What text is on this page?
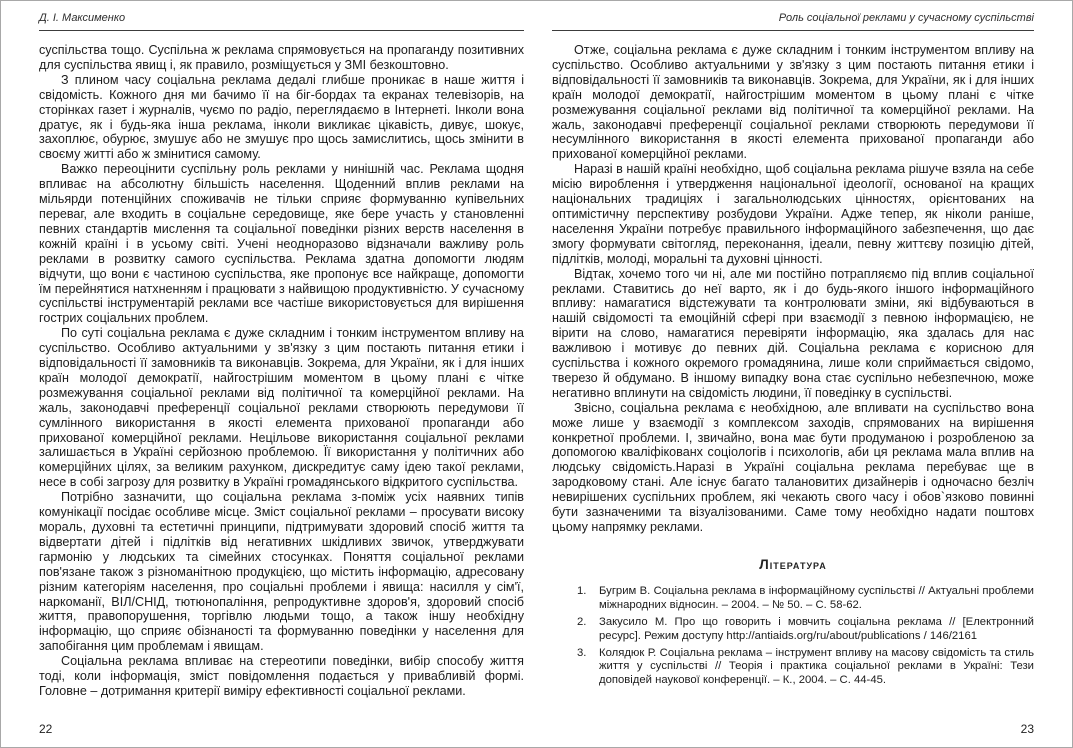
Д. І. Максименко

суспільства тощо. Суспільна ж реклама спрямовується на пропаганду позитивних для суспільства явищ і, як правило, розміщується у ЗМІ безкоштовно.

З плином часу соціальна реклама дедалі глибше проникає в наше життя і свідомість. Кожного дня ми бачимо її на біг-бордах та екранах телевізорів, на сторінках газет і журналів, чуємо по радіо, переглядаємо в Інтернеті. Інколи вона дратує, як і будь-яка інша реклама, інколи викликає цікавість, дивує, шокує, захоплює, обурює, змушує або не змушує про щось замислитись, щось змінити в своєму житті або ж змінитися самому.

Важко переоцінити суспільну роль реклами у нинішній час. Реклама щодня впливає на абсолютну більшість населення. Щоденний вплив реклами на мільярди потенційних споживачів не тільки сприяє формуванню купівельних переваг, але входить в соціальне середовище, яке бере участь у становленні певних стандартів мислення та соціальної поведінки різних верств населення в кожній країні і в усьому світі. Учені неодноразово відзначали важливу роль реклами в розвитку самого суспільства. Реклама здатна допомогти людям відчути, що вони є частиною суспільства, яке пропонує все найкраще, допомогти їм перейнятися натхненням і працювати з найвищою продуктивністю. У сучасному суспільстві інструментарій реклами все частіше використовується для вирішення гострих соціальних проблем.

По суті соціальна реклама є дуже складним і тонким інструментом впливу на суспільство. Особливо актуальними у зв'язку з цим постають питання етики і відповідальності її замовників та виконавців. Зокрема, для України, як і для інших країн молодої демократії, найгострішим моментом в цьому плані є чітке розмежування соціальної реклами від політичної та комерційної реклами. На жаль, законодавчі преференції соціальної реклами створюють передумови її сумлінного використання в якості елемента прихованої пропаганди або прихованої комерційної реклами. Нецільове використання соціальної реклами залишається в Україні серйозною проблемою. Її використання у політичних або комерційних цілях, за великим рахунком, дискредитує саму ідею такої реклами, несе в собі загрозу для розвитку в Україні громадянського відкритого суспільства.

Потрібно зазначити, що соціальна реклама з-поміж усіх наявних типів комунікації посідає особливе місце. Зміст соціальної реклами – просувати високу мораль, духовні та естетичні принципи, підтримувати здоровий спосіб життя та відвертати дітей і підлітків від негативних шкідливих звичок, утверджувати гармонію у людських та сімейних стосунках. Поняття соціальної реклами пов'язане також з різноманітною продукцією, що містить інформацію, адресовану різним категоріям населення, про соціальні проблеми і явища: насилля у сім'ї, наркоманії, ВІЛ/СНІД, тютюнопаління, репродуктивне здоров'я, здоровий спосіб життя, правопорушення, торгівлю людьми тощо, а також іншу необхідну інформацію, що сприяє обізнаності та формуванню поведінки у населення для запобігання цим проблемам і явищам.

Соціальна реклама впливає на стереотипи поведінки, вибір способу життя тоді, коли інформація, зміст повідомлення подається у привабливій формі. Головне – дотримання критерії виміру ефективності соціальної реклами.

22
Роль соціальної реклами у сучасному суспільстві

Отже, соціальна реклама є дуже складним і тонким інструментом впливу на суспільство. Особливо актуальними у зв'язку з цим постають питання етики і відповідальності її замовників та виконавців. Зокрема, для України, як і для інших країн молодої демократії, найгострішим моментом в цьому плані є чітке розмежування соціальної реклами від політичної та комерційної реклами. На жаль, законодавчі преференції соціальної реклами створюють передумови її несумлінного використання в якості елемента прихованої пропаганди або прихованої комерційної реклами.

Наразі в нашій країні необхідно, щоб соціальна реклама рішуче взяла на себе місію вироблення і утвердження національної ідеології, основаної на кращих національних традиціях і загальнолюдських цінностях, орієнтованих на оптимістичну перспективу розбудови України. Адже тепер, як ніколи раніше, населення України потребує правильного інформаційного забезпечення, що дає змогу формувати світогляд, переконання, ідеали, певну життєву позицію дітей, підлітків, молоді, моральні та духовні цінності.

Відтак, хочемо того чи ні, але ми постійно потрапляємо під вплив соціальної реклами. Ставитись до неї варто, як і до будь-якого іншого інформаційного впливу: намагатися відстежувати та контролювати зміни, які відбуваються в нашій свідомості та емоційній сфері при взаємодії з певною інформацією, не вірити на слово, намагатися перевіряти інформацію, яка здалась для нас важливою і мотивує до певних дій. Соціальна реклама є корисною для суспільства і кожного окремого громадянина, лише коли сприймається свідомо, тверезо й обдумано. В іншому випадку вона стає суспільно небезпечною, може негативно вплинути на свідомість людини, її поведінку в суспільстві.

Звісно, соціальна реклама є необхідною, але впливати на суспільство вона може лише у взаємодії з комплексом заходів, спрямованих на вирішення конкретної проблеми. І, звичайно, вона має бути продуманою і розробленою за допомогою кваліфікованх соціологів і психологів, аби ця реклама мала вплив на людську свідомість.Наразі в Україні соціальна реклама перебуває ще в зародковому стані. Але існує багато талановитих дизайнерів і одночасно безліч невирішених суспільних проблем, які чекають свого часу і обов`язково повинні бути зазначеними та візуалізованими. Саме тому необхідно надати поштовх цьому напрямку реклами.

Література
1.	Бугрим В. Соціальна реклама в інформаційному суспільстві // Актуальні проблеми міжнародних відносин. – 2004. – № 50. – С. 58-62.
2.	Закусило М. Про що говорить і мовчить соціальна реклама // [Електронний ресурс]. Режим доступу http://antiaids.org/ru/about/publications / 146/2161
3.	Колядюк Р. Соціальна реклама – інструмент впливу на масову свідомість та стиль життя у суспільстві // Теорія і практика соціальної реклами в Україні: Тези доповідей наукової конференції. – К., 2004. – С. 44-45.
23
